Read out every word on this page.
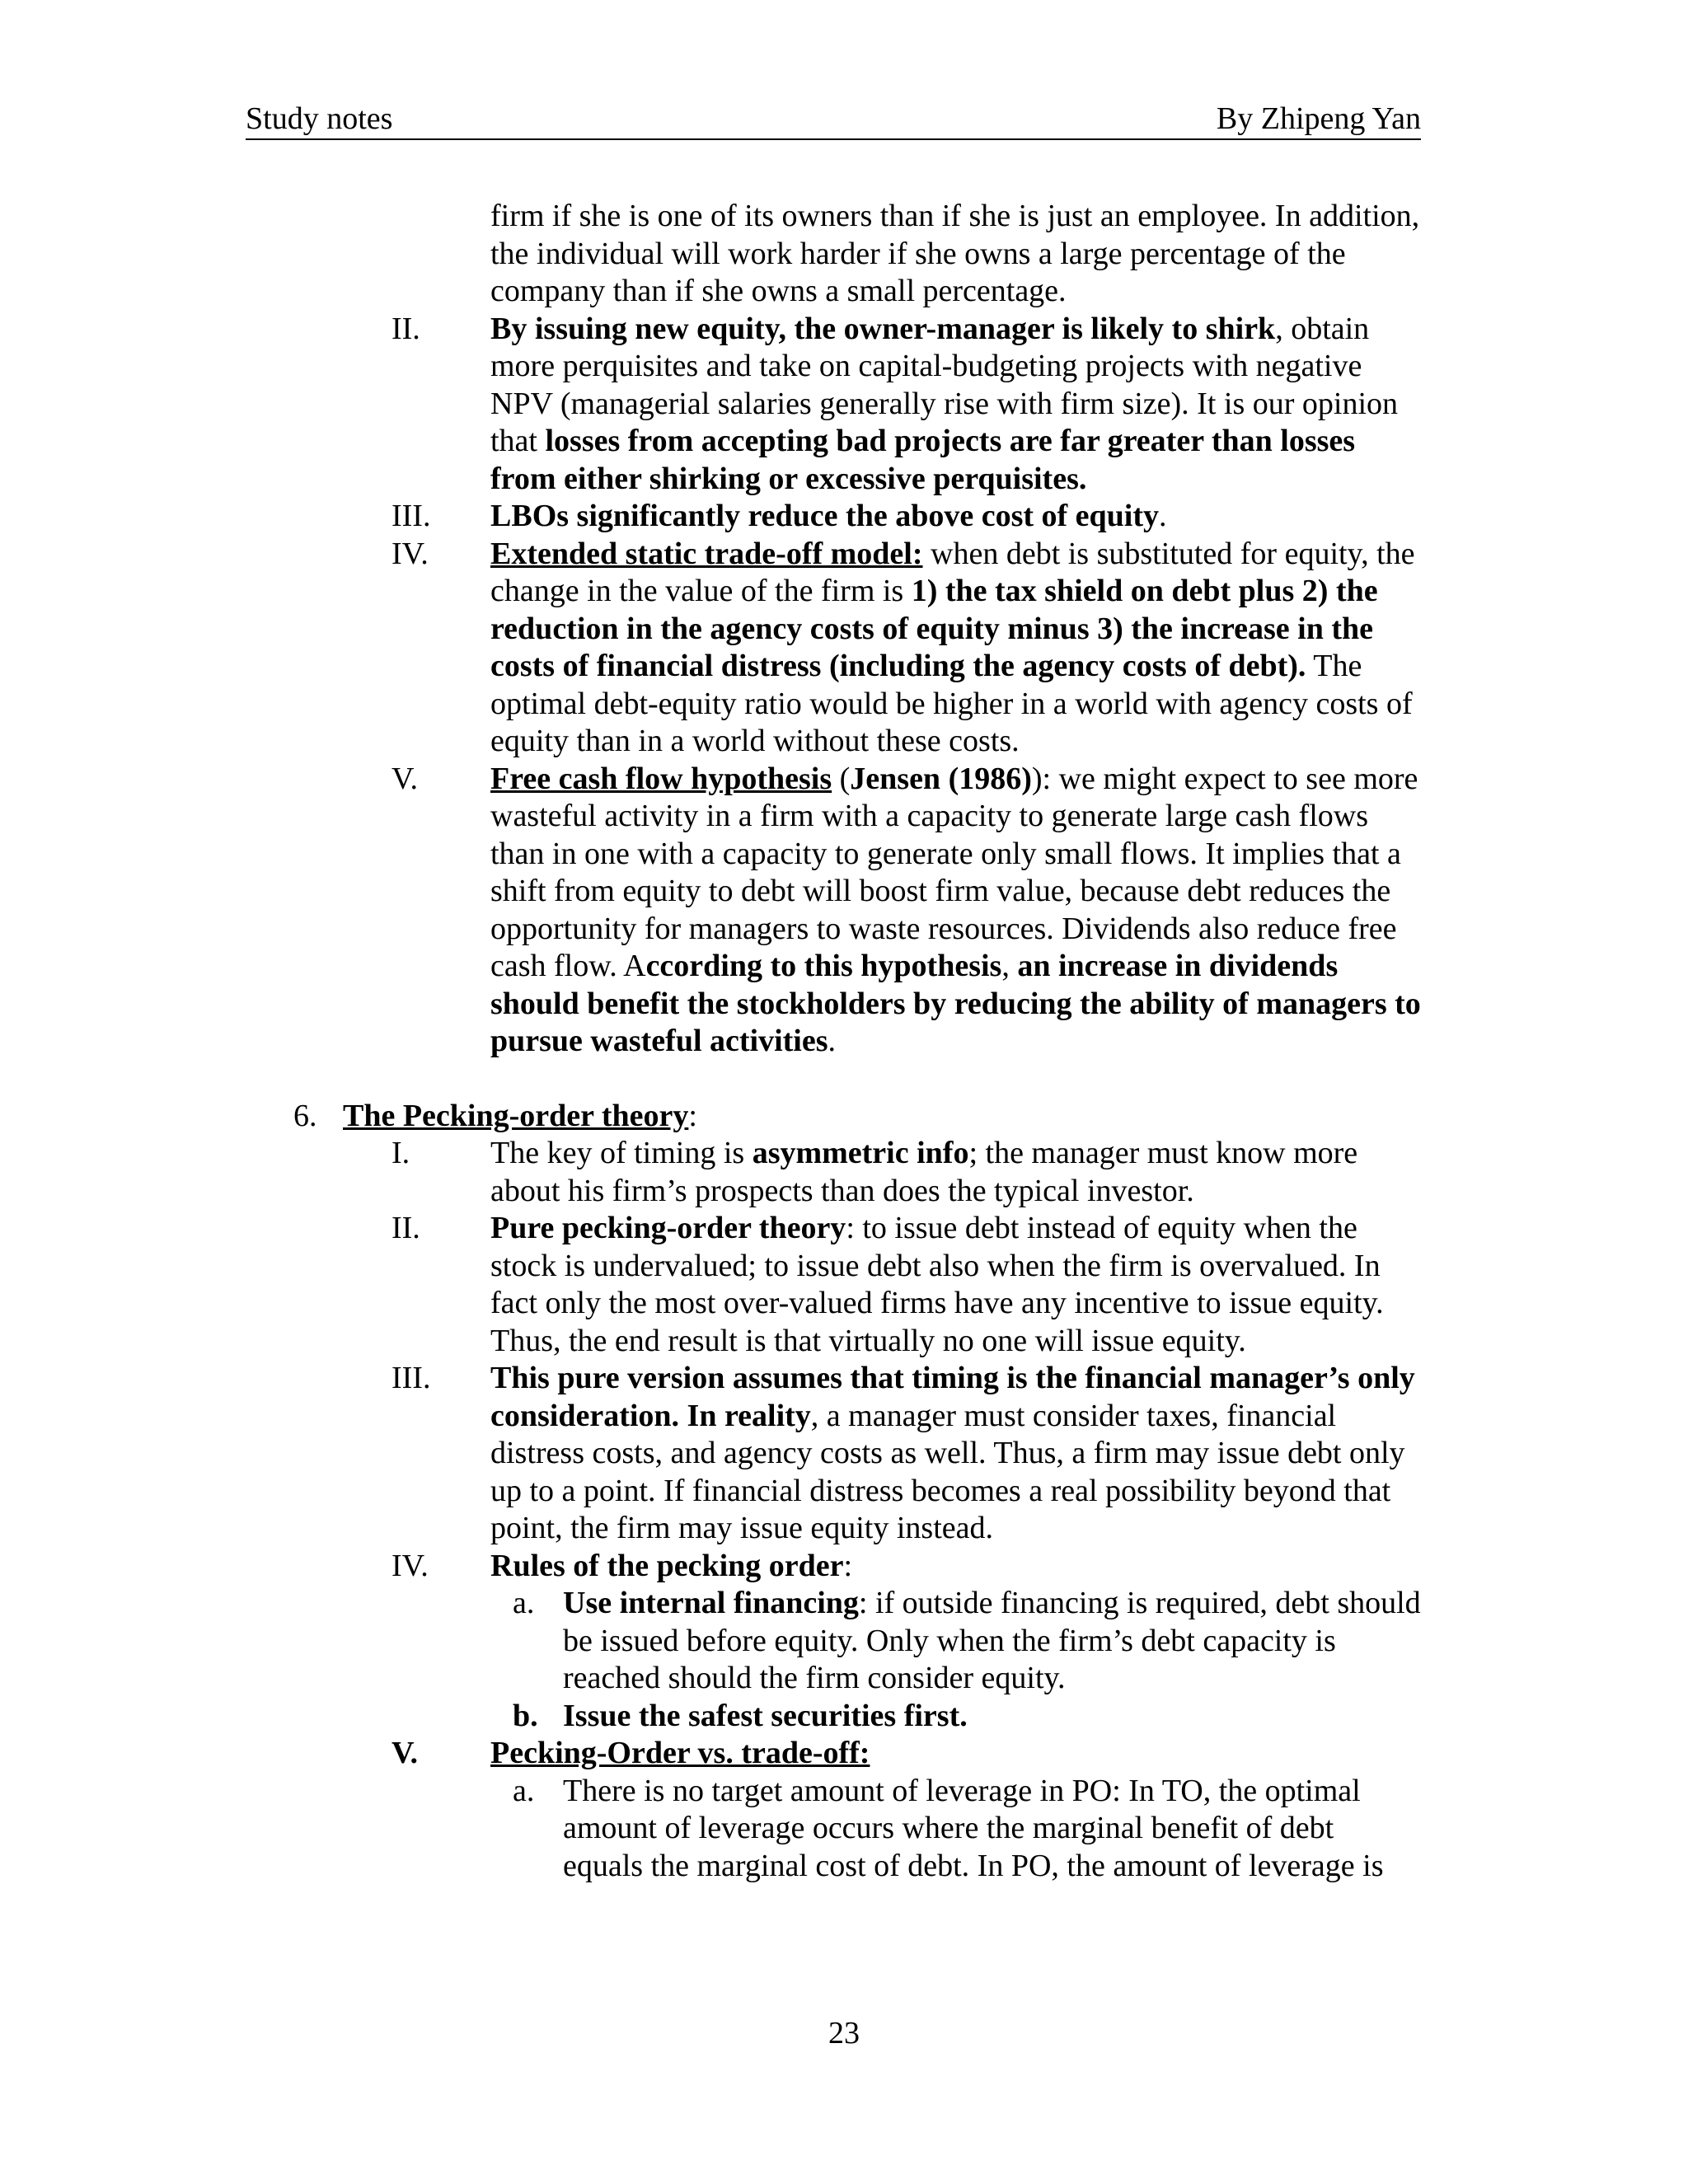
Study notes	By Zhipeng Yan
firm if she is one of its owners than if she is just an employee. In addition, the individual will work harder if she owns a large percentage of the company than if she owns a small percentage.
II. By issuing new equity, the owner-manager is likely to shirk, obtain more perquisites and take on capital-budgeting projects with negative NPV (managerial salaries generally rise with firm size). It is our opinion that losses from accepting bad projects are far greater than losses from either shirking or excessive perquisites.
III. LBOs significantly reduce the above cost of equity.
IV. Extended static trade-off model: when debt is substituted for equity, the change in the value of the firm is 1) the tax shield on debt plus 2) the reduction in the agency costs of equity minus 3) the increase in the costs of financial distress (including the agency costs of debt). The optimal debt-equity ratio would be higher in a world with agency costs of equity than in a world without these costs.
V. Free cash flow hypothesis (Jensen (1986)): we might expect to see more wasteful activity in a firm with a capacity to generate large cash flows than in one with a capacity to generate only small flows. It implies that a shift from equity to debt will boost firm value, because debt reduces the opportunity for managers to waste resources. Dividends also reduce free cash flow. According to this hypothesis, an increase in dividends should benefit the stockholders by reducing the ability of managers to pursue wasteful activities.
6. The Pecking-order theory:
I.	The key of timing is asymmetric info; the manager must know more about his firm’s prospects than does the typical investor.
II. Pure pecking-order theory: to issue debt instead of equity when the stock is undervalued; to issue debt also when the firm is overvalued. In fact only the most over-valued firms have any incentive to issue equity. Thus, the end result is that virtually no one will issue equity.
III. This pure version assumes that timing is the financial manager’s only consideration. In reality, a manager must consider taxes, financial distress costs, and agency costs as well. Thus, a firm may issue debt only up to a point. If financial distress becomes a real possibility beyond that point, the firm may issue equity instead.
IV. Rules of the pecking order:
a. Use internal financing: if outside financing is required, debt should be issued before equity. Only when the firm’s debt capacity is reached should the firm consider equity.
b. Issue the safest securities first.
V. Pecking-Order vs. trade-off:
a. There is no target amount of leverage in PO: In TO, the optimal amount of leverage occurs where the marginal benefit of debt equals the marginal cost of debt. In PO, the amount of leverage is
23
